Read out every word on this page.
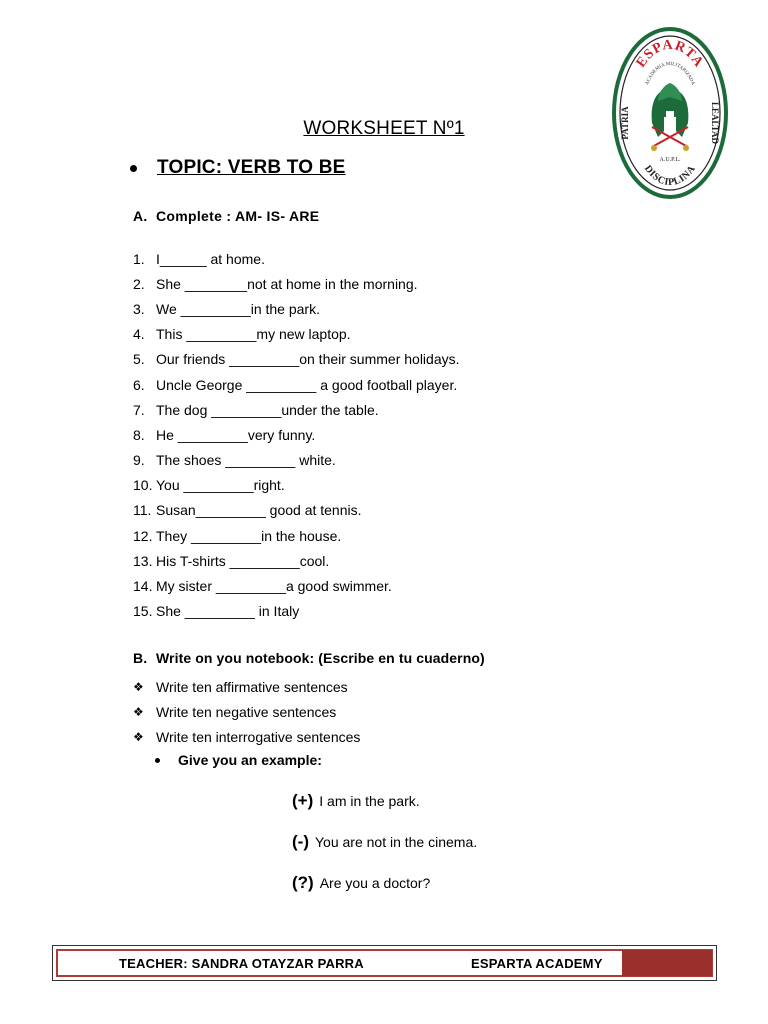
WORKSHEET Nº1
TOPIC: VERB TO BE
A. Complete : AM- IS- ARE
1. I______ at home.
2. She ________not at home in the morning.
3. We _________in the park.
4. This _________my new laptop.
5. Our friends _________on their summer holidays.
6. Uncle George _________ a good football player.
7. The dog _________under the table.
8. He _________very funny.
9. The shoes _________ white.
10. You _________right.
11. Susan_________ good at tennis.
12. They _________in the house.
13. His T-shirts _________cool.
14. My sister _________a good swimmer.
15. She _________ in Italy
B. Write on you notebook: (Escribe en tu cuaderno)
❖ Write ten affirmative sentences
❖ Write ten negative sentences
❖ Write ten interrogative sentences
Give you an example:
(+) I am in the park.
(-) You are not in the cinema.
(?) Are you a doctor?
TEACHER: SANDRA OTAYZAR PARRA	ESPARTA ACADEMY
ESPARTA
ACADEMIA MILITARIZADA
DISCIPLINA
PATRIA	LEALTAD
A.U.P.L.
